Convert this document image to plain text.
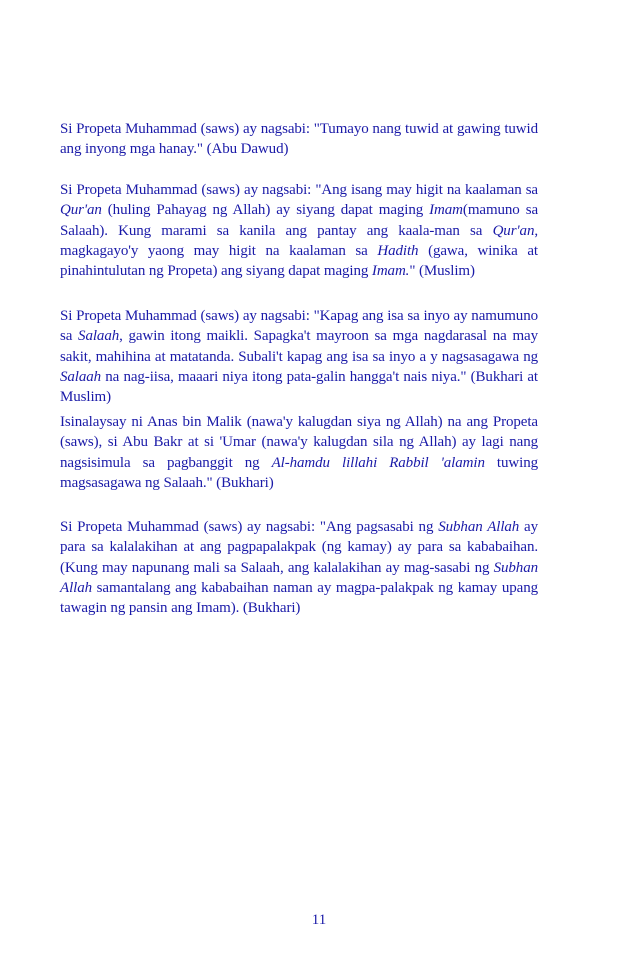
Si Propeta Muhammad (saws) ay nagsabi: "Tumayo nang tuwid at gawing tuwid ang inyong mga hanay." (Abu Dawud)

Si Propeta Muhammad (saws) ay nagsabi: "Ang isang may higit na kaalaman sa Qur'an (huling Pahayag ng Allah) ay siyang dapat maging Imam(mamuno sa Salaah). Kung marami sa kanila ang pantay ang kaala-man sa Qur'an, magkagayo'y yaong may higit na kaalaman sa Hadith (gawa, winika at pinahintulutan ng Propeta) ang siyang dapat maging Imam." (Muslim)

Si Propeta Muhammad (saws) ay nagsabi: "Kapag ang isa sa inyo ay namumuno sa Salaah, gawin itong maikli. Sapagka't mayroon sa mga nagdarasal na may sakit, mahihina at matatanda. Subali't kapag ang isa sa inyo a y nagsasagawa ng Salaah na nag-iisa, maaari niya itong pata-galin hangga't nais niya." (Bukhari at Muslim)

Isinalaysay ni Anas bin Malik (nawa'y kalugdan siya ng Allah) na ang Propeta (saws), si Abu Bakr at si 'Umar (nawa'y kalugdan sila ng Allah) ay lagi nang nagsisimula sa pagbanggit ng Al-hamdu lillahi Rabbil 'alamin tuwing magsasagawa ng Salaah." (Bukhari)

Si Propeta Muhammad (saws) ay nagsabi: "Ang pagsasabi ng Subhan Allah ay para sa kalalakihan at ang pagpapalakpak (ng kamay) ay para sa kababaihan. (Kung may napunang mali sa Salaah, ang kalalakihan ay mag-sasabi ng Subhan Allah samantalang ang kababaihan naman ay magpa-palakpak ng kamay upang tawagin ng pansin ang Imam). (Bukhari)

11
